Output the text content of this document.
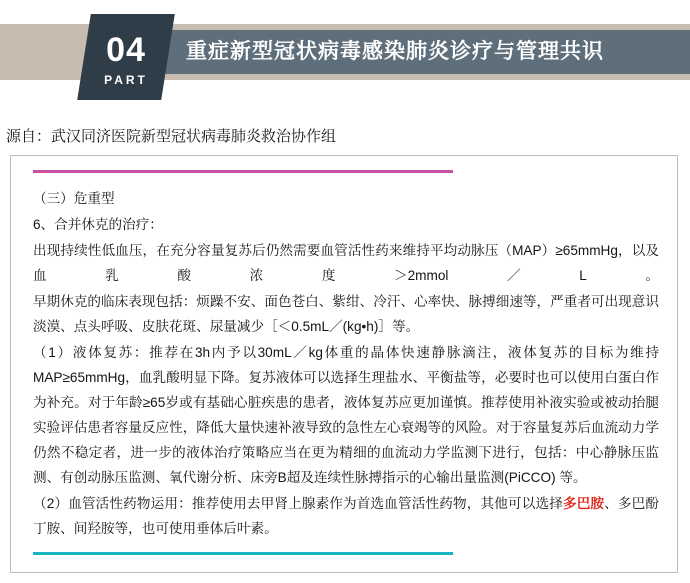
04
PART
重症新型冠状病毒感染肺炎诊疗与管理共识
源自：武汉同济医院新型冠状病毒肺炎救治协作组

（三）危重型

6、合并休克的治疗：

出现持续性低血压，在充分容量复苏后仍然需要血管活性药来维持平均动脉压（MAP）≥65mmHg，以及血乳酸浓度＞2mmol／L。

早期休克的临床表现包括：烦躁不安、面色苍白、紫绀、冷汗、心率快、脉搏细速等，严重者可出现意识淡漠、点头呼吸、皮肤花斑、尿量减少［＜0.5mL／(kg•h)］等。

（1）液体复苏：推荐在3h内予以30mL／kg体重的晶体快速静脉滴注，液体复苏的目标为维持MAP≥65mmHg，血乳酸明显下降。复苏液体可以选择生理盐水、平衡盐等，必要时也可以使用白蛋白作为补充。对于年龄≥65岁或有基础心脏疾患的患者，液体复苏应更加谨慎。推荐使用补液实验或被动抬腿实验评估患者容量反应性，降低大量快速补液导致的急性左心衰竭等的风险。对于容量复苏后血流动力学仍然不稳定者，进一步的液体治疗策略应当在更为精细的血流动力学监测下进行，包括：中心静脉压监测、有创动脉压监测、氧代谢分析、床旁B超及连续性脉搏指示的心输出量监测(PiCCO) 等。

（2）血管活性药物运用：推荐使用去甲肾上腺素作为首选血管活性药物，其他可以选择多巴胺、多巴酚丁胺、间羟胺等，也可使用垂体后叶素。
